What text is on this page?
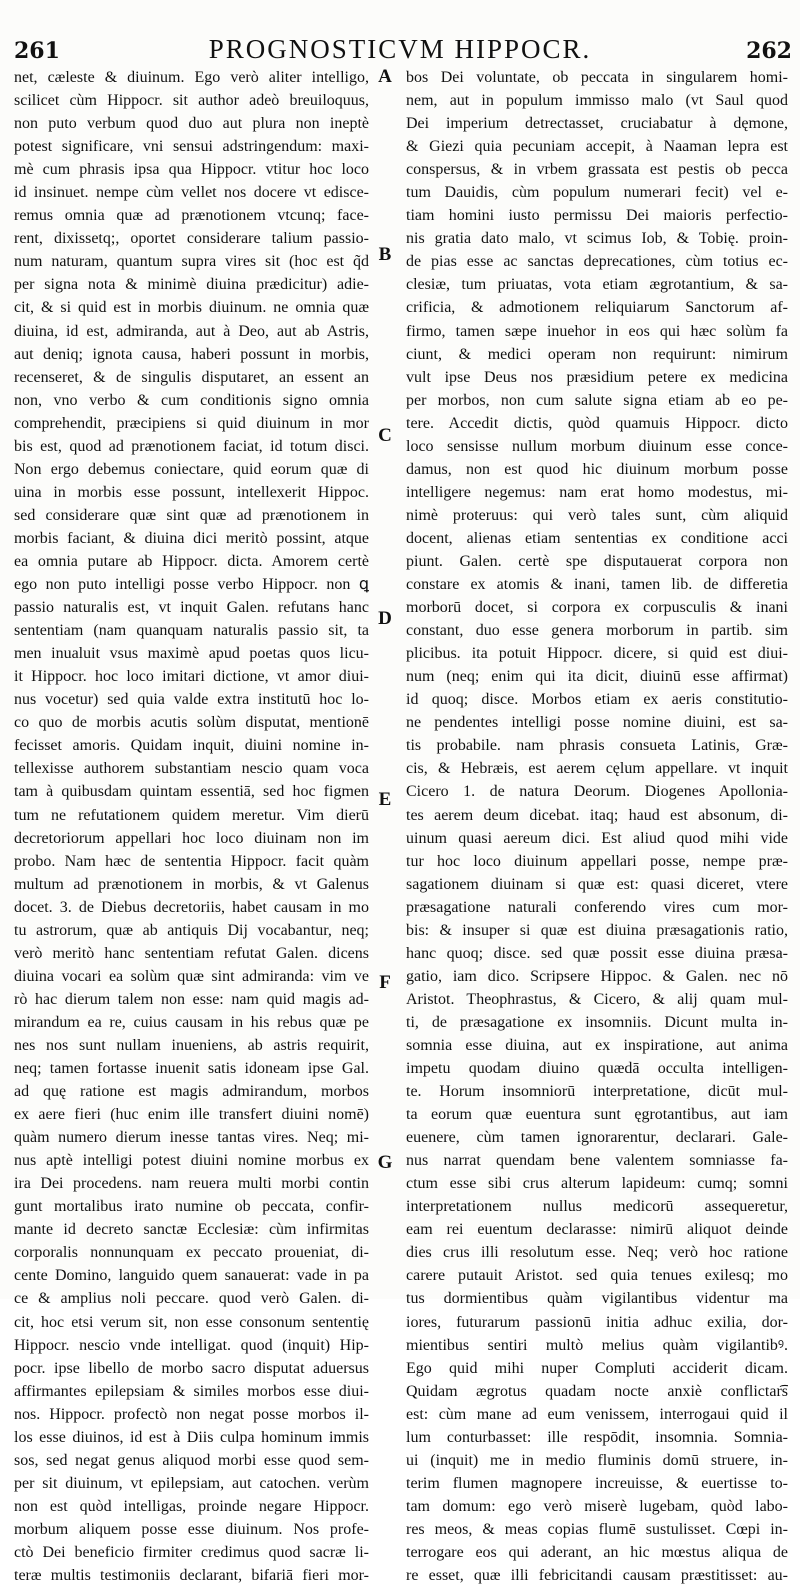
261	PROGNOSTICVM HIPPOCR.	262
net, cæleste & diuinum. Ego verò aliter intelligo,
scilicet cùm Hippocr. sit author adeò breuiloquus,
non puto verbum quod duo aut plura non ineptè
potest significare, vni sensui adstringendum: maxi-
mè cum phrasis ipsa qua Hippocr. vtitur hoc loco
id insinuet. nempe cùm vellet nos docere vt edisce-
remus omnia quæ ad prænotionem vtcunq; face-
rent, dixissetq;, oportet considerare talium passio-
num naturam, quantum supra vires sit (hoc est q̃d
per signa nota & minimè diuina prædicitur) adie-
cit, & si quid est in morbis diuinum. ne omnia quæ
diuina, id est, admiranda, aut à Deo, aut ab Astris,
aut deniq; ignota causa, haberi possunt in morbis,
recenseret, & de singulis disputaret, an essent an
non, vno verbo & cum conditionis signo omnia
comprehendit, præcipiens si quid diuinum in mor
bis est, quod ad prænotionem faciat, id totum disci.
Non ergo debemus coniectare, quid eorum quæ di
uina in morbis esse possunt, intellexerit Hippoc.
sed considerare quæ sint quæ ad prænotionem in
morbis faciant, & diuina dici meritò possint, atque
ea omnia putare ab Hippocr. dicta. Amorem certè
ego non puto intelligi posse verbo Hippocr. non ꝗ
passio naturalis est, vt inquit Galen. refutans hanc
sententiam (nam quanquam naturalis passio sit, ta
men inualuit vsus maximè apud poetas quos licu-
it Hippocr. hoc loco imitari dictione, vt amor diui-
nus vocetur) sed quia valde extra institutū hoc lo-
co quo de morbis acutis solùm disputat, mentionē
fecisset amoris. Quidam inquit, diuini nomine in-
tellexisse authorem substantiam nescio quam voca
tam à quibusdam quintam essentiā, sed hoc figmen
tum ne refutationem quidem meretur. Vim dierū
decretoriorum appellari hoc loco diuinam non im
probo. Nam hæc de sententia Hippocr. facit quàm
multum ad prænotionem in morbis, & vt Galenus
docet. 3. de Diebus decretoriis, habet causam in mo
tu astrorum, quæ ab antiquis Dij vocabantur, neq;
verò meritò hanc sententiam refutat Galen. dicens
diuina vocari ea solùm quæ sint admiranda: vim ve
rò hac dierum talem non esse: nam quid magis ad-
mirandum ea re, cuius causam in his rebus quæ pe
nes nos sunt nullam inueniens, ab astris requirit,
neq; tamen fortasse inuenit satis idoneam ipse Gal.
ad quę ratione est magis admirandum, morbos
ex aere fieri (huc enim ille transfert diuini nomē)
quàm numero dierum inesse tantas vires. Neq; mi-
nus aptè intelligi potest diuini nomine morbus ex
ira Dei procedens. nam reuera multi morbi contin
gunt mortalibus irato numine ob peccata, confir-
mante id decreto sanctæ Ecclesiæ: cùm infirmitas
corporalis nonnunquam ex peccato proueniat, di-
cente Domino, languido quem sanauerat: vade in pa
ce & amplius noli peccare. quod verò Galen. di-
cit, hoc etsi verum sit, non esse consonum sententię
Hippocr. nescio vnde intelligat. quod (inquit) Hip-
pocr. ipse libello de morbo sacro disputat aduersus
affirmantes epilepsiam & similes morbos esse diui-
nos. Hippocr. profectò non negat posse morbos il-
los esse diuinos, id est à Diis culpa hominum immis
sos, sed negat genus aliquod morbi esse quod sem-
per sit diuinum, vt epilepsiam, aut catochen. verùm
non est quòd intelligas, proinde negare Hippocr.
morbum aliquem posse esse diuinum. Nos profe-
ctò Dei beneficio firmiter credimus quod sacræ li-
teræ multis testimoniis declarant, bifariā fieri mor-
A
B
C
D
E
F
G
bos Dei voluntate, ob peccata in singularem homi-
nem, aut in populum immisso malo (vt Saul quod
Dei imperium detrectasset, cruciabatur à dęmone,
& Giezi quia pecuniam accepit, à Naaman lepra est
conspersus, & in vrbem grassata est pestis ob pecca
tum Dauidis, cùm populum numerari fecit) vel e-
tiam homini iusto permissu Dei maioris perfectio-
nis gratia dato malo, vt scimus Iob, & Tobię. proin-
de pias esse ac sanctas deprecationes, cùm totius ec-
clesiæ, tum priuatas, vota etiam ægrotantium, & sa-
crificia, & admotionem reliquiarum Sanctorum af-
firmo, tamen sæpe inuehor in eos qui hæc solùm fa
ciunt, & medici operam non requirunt: nimirum
vult ipse Deus nos præsidium petere ex medicina
per morbos, non cum salute signa etiam ab eo pe-
tere. Accedit dictis, quòd quamuis Hippocr. dicto
loco sensisse nullum morbum diuinum esse conce-
damus, non est quod hic diuinum morbum posse
intelligere negemus: nam erat homo modestus, mi-
nimè proteruus: qui verò tales sunt, cùm aliquid
docent, alienas etiam sententias ex conditione acci
piunt. Galen. certè spe disputauerat corpora non
constare ex atomis & inani, tamen lib. de differetia
morborū docet, si corpora ex corpusculis & inani
constant, duo esse genera morborum in partib. sim
plicibus. ita potuit Hippocr. dicere, si quid est diui-
num (neq; enim qui ita dicit, diuinū esse affirmat)
id quoq; disce. Morbos etiam ex aeris constitutio-
ne pendentes intelligi posse nomine diuini, est sa-
tis probabile. nam phrasis consueta Latinis, Græ-
cis, & Hebræis, est aerem cęlum appellare. vt inquit
Cicero 1. de natura Deorum. Diogenes Apollonia-
tes aerem deum dicebat. itaq; haud est absonum, di-
uinum quasi aereum dici. Est aliud quod mihi vide
tur hoc loco diuinum appellari posse, nempe præ-
sagationem diuinam si quæ est: quasi diceret, vtere
præsagatione naturali conferendo vires cum mor-
bis: & insuper si quæ est diuina præsagationis ratio,
hanc quoq; disce. sed quæ possit esse diuina præsa-
gatio, iam dico. Scripsere Hippoc. & Galen. nec nō
Aristot. Theophrastus, & Cicero, & alij quam mul-
ti, de præsagatione ex insomniis. Dicunt multa in-
somnia esse diuina, aut ex inspiratione, aut anima
impetu quodam diuino quædā occulta intelligen-
te. Horum insomniorū interpretatione, dicūt mul-
ta eorum quæ euentura sunt ęgrotantibus, aut iam
euenere, cùm tamen ignorarentur, declarari. Gale-
nus narrat quendam bene valentem somniasse fa-
ctum esse sibi crus alterum lapideum: cumq; somni
interpretationem nullus medicorū assequeretur,
eam rei euentum declarasse: nimirū aliquot deinde
dies crus illi resolutum esse. Neq; verò hoc ratione
carere putauit Aristot. sed quia tenues exilesq; mo
tus dormientibus quàm vigilantibus videntur ma
iores, futurarum passionū initia adhuc exilia, dor-
mientibus sentiri multò melius quàm vigilantibꝰ.
Ego quid mihi nuper Compluti acciderit dicam.
Quidam ægrotus quadam nocte anxiè conflictar͡s
est: cùm mane ad eum venissem, interrogaui quid il
lum conturbasset: ille respōdit, insomnia. Somnia-
ui (inquit) me in medio fluminis domū struere, in-
terim flumen magnopere increuisse, & euertisse to-
tam domum: ego verò miserè lugebam, quòd labo-
res meos, & meas copias flumē sustulisset. Cœpi in-
terrogare eos qui aderant, an hic mœstus aliqua de
re esset, quæ illi febricitandi causam præstitisset: au-
